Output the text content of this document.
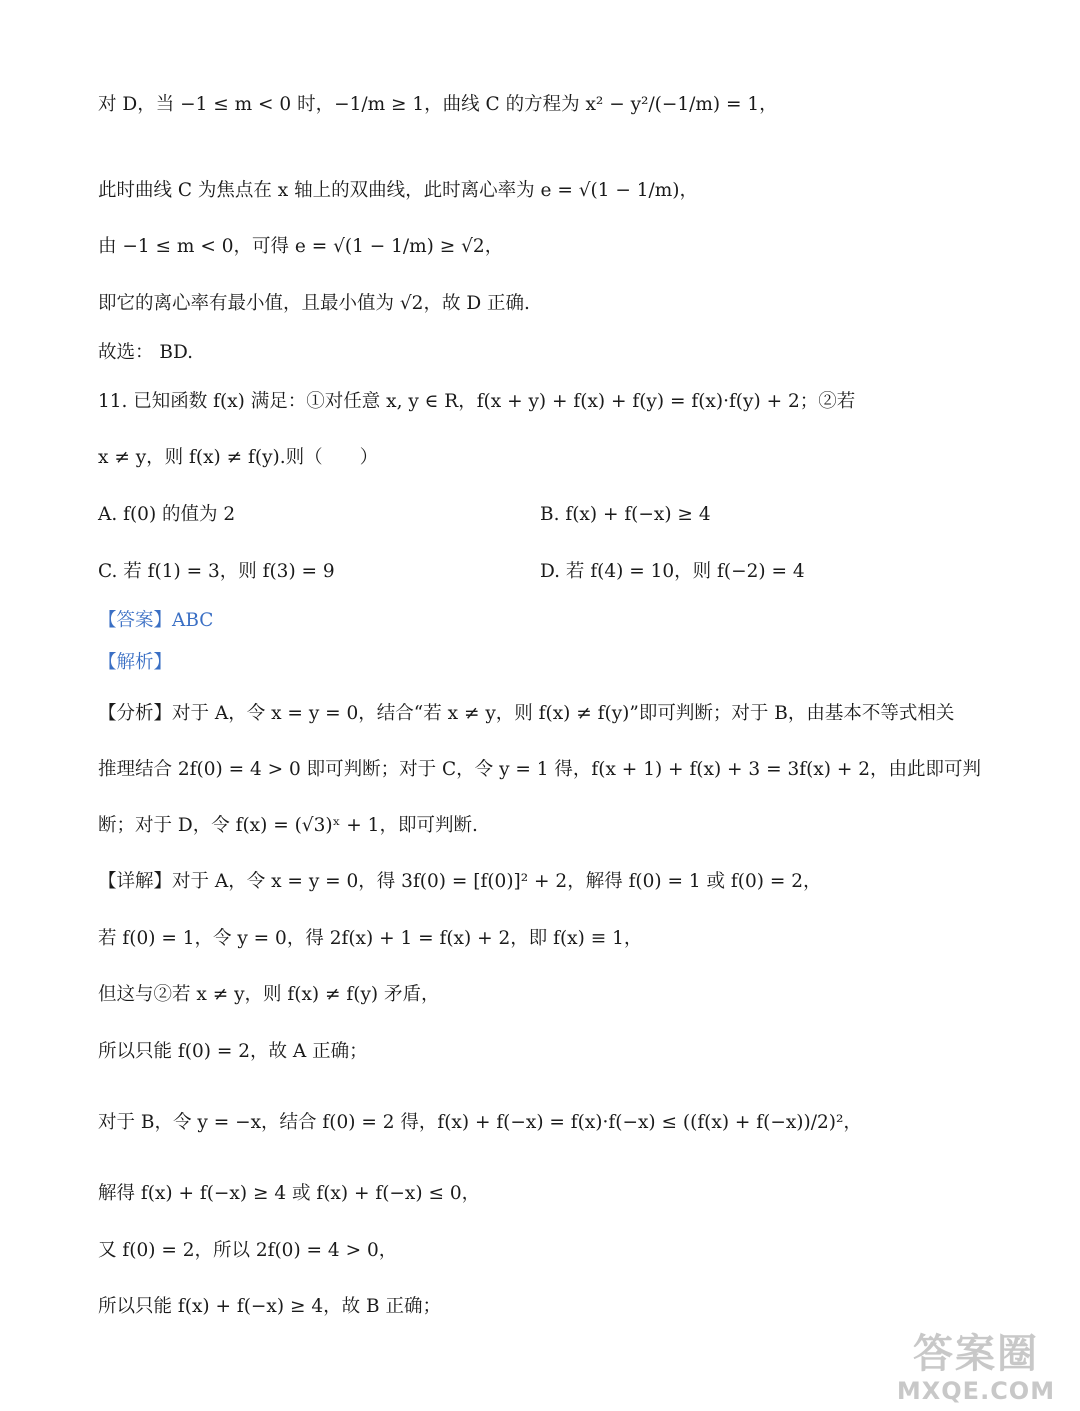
对 D，当 −1 ≤ m < 0 时，−1/m ≥ 1，曲线 C 的方程为 x² − y²/(−1/m) = 1，
此时曲线 C 为焦点在 x 轴上的双曲线，此时离心率为 e = √(1 − 1/m)，
由 −1 ≤ m < 0，可得 e = √(1 − 1/m) ≥ √2，
即它的离心率有最小值，且最小值为 √2，故 D 正确.
故选： BD.
11. 已知函数 f(x) 满足：①对任意 x, y ∈ R，f(x + y) + f(x) + f(y) = f(x)·f(y) + 2；②若
x ≠ y，则 f(x) ≠ f(y).则（　　）
A. f(0) 的值为 2	B. f(x) + f(−x) ≥ 4
C. 若 f(1) = 3，则 f(3) = 9	D. 若 f(4) = 10，则 f(−2) = 4
【答案】ABC
【解析】
【分析】对于 A，令 x = y = 0，结合“若 x ≠ y，则 f(x) ≠ f(y)”即可判断；对于 B，由基本不等式相关
推理结合 2f(0) = 4 > 0 即可判断；对于 C，令 y = 1 得，f(x + 1) + f(x) + 3 = 3f(x) + 2，由此即可判
断；对于 D，令 f(x) = (√3)ˣ + 1，即可判断.
【详解】对于 A，令 x = y = 0，得 3f(0) = [f(0)]² + 2，解得 f(0) = 1 或 f(0) = 2，
若 f(0) = 1，令 y = 0，得 2f(x) + 1 = f(x) + 2，即 f(x) ≡ 1，
但这与②若 x ≠ y，则 f(x) ≠ f(y) 矛盾，
所以只能 f(0) = 2，故 A 正确；
对于 B，令 y = −x，结合 f(0) = 2 得，f(x) + f(−x) = f(x)·f(−x) ≤ ((f(x) + f(−x))/2)²，
解得 f(x) + f(−x) ≥ 4 或 f(x) + f(−x) ≤ 0，
又 f(0) = 2，所以 2f(0) = 4 > 0，
所以只能 f(x) + f(−x) ≥ 4，故 B 正确；
答案圈
MXQE.COM
